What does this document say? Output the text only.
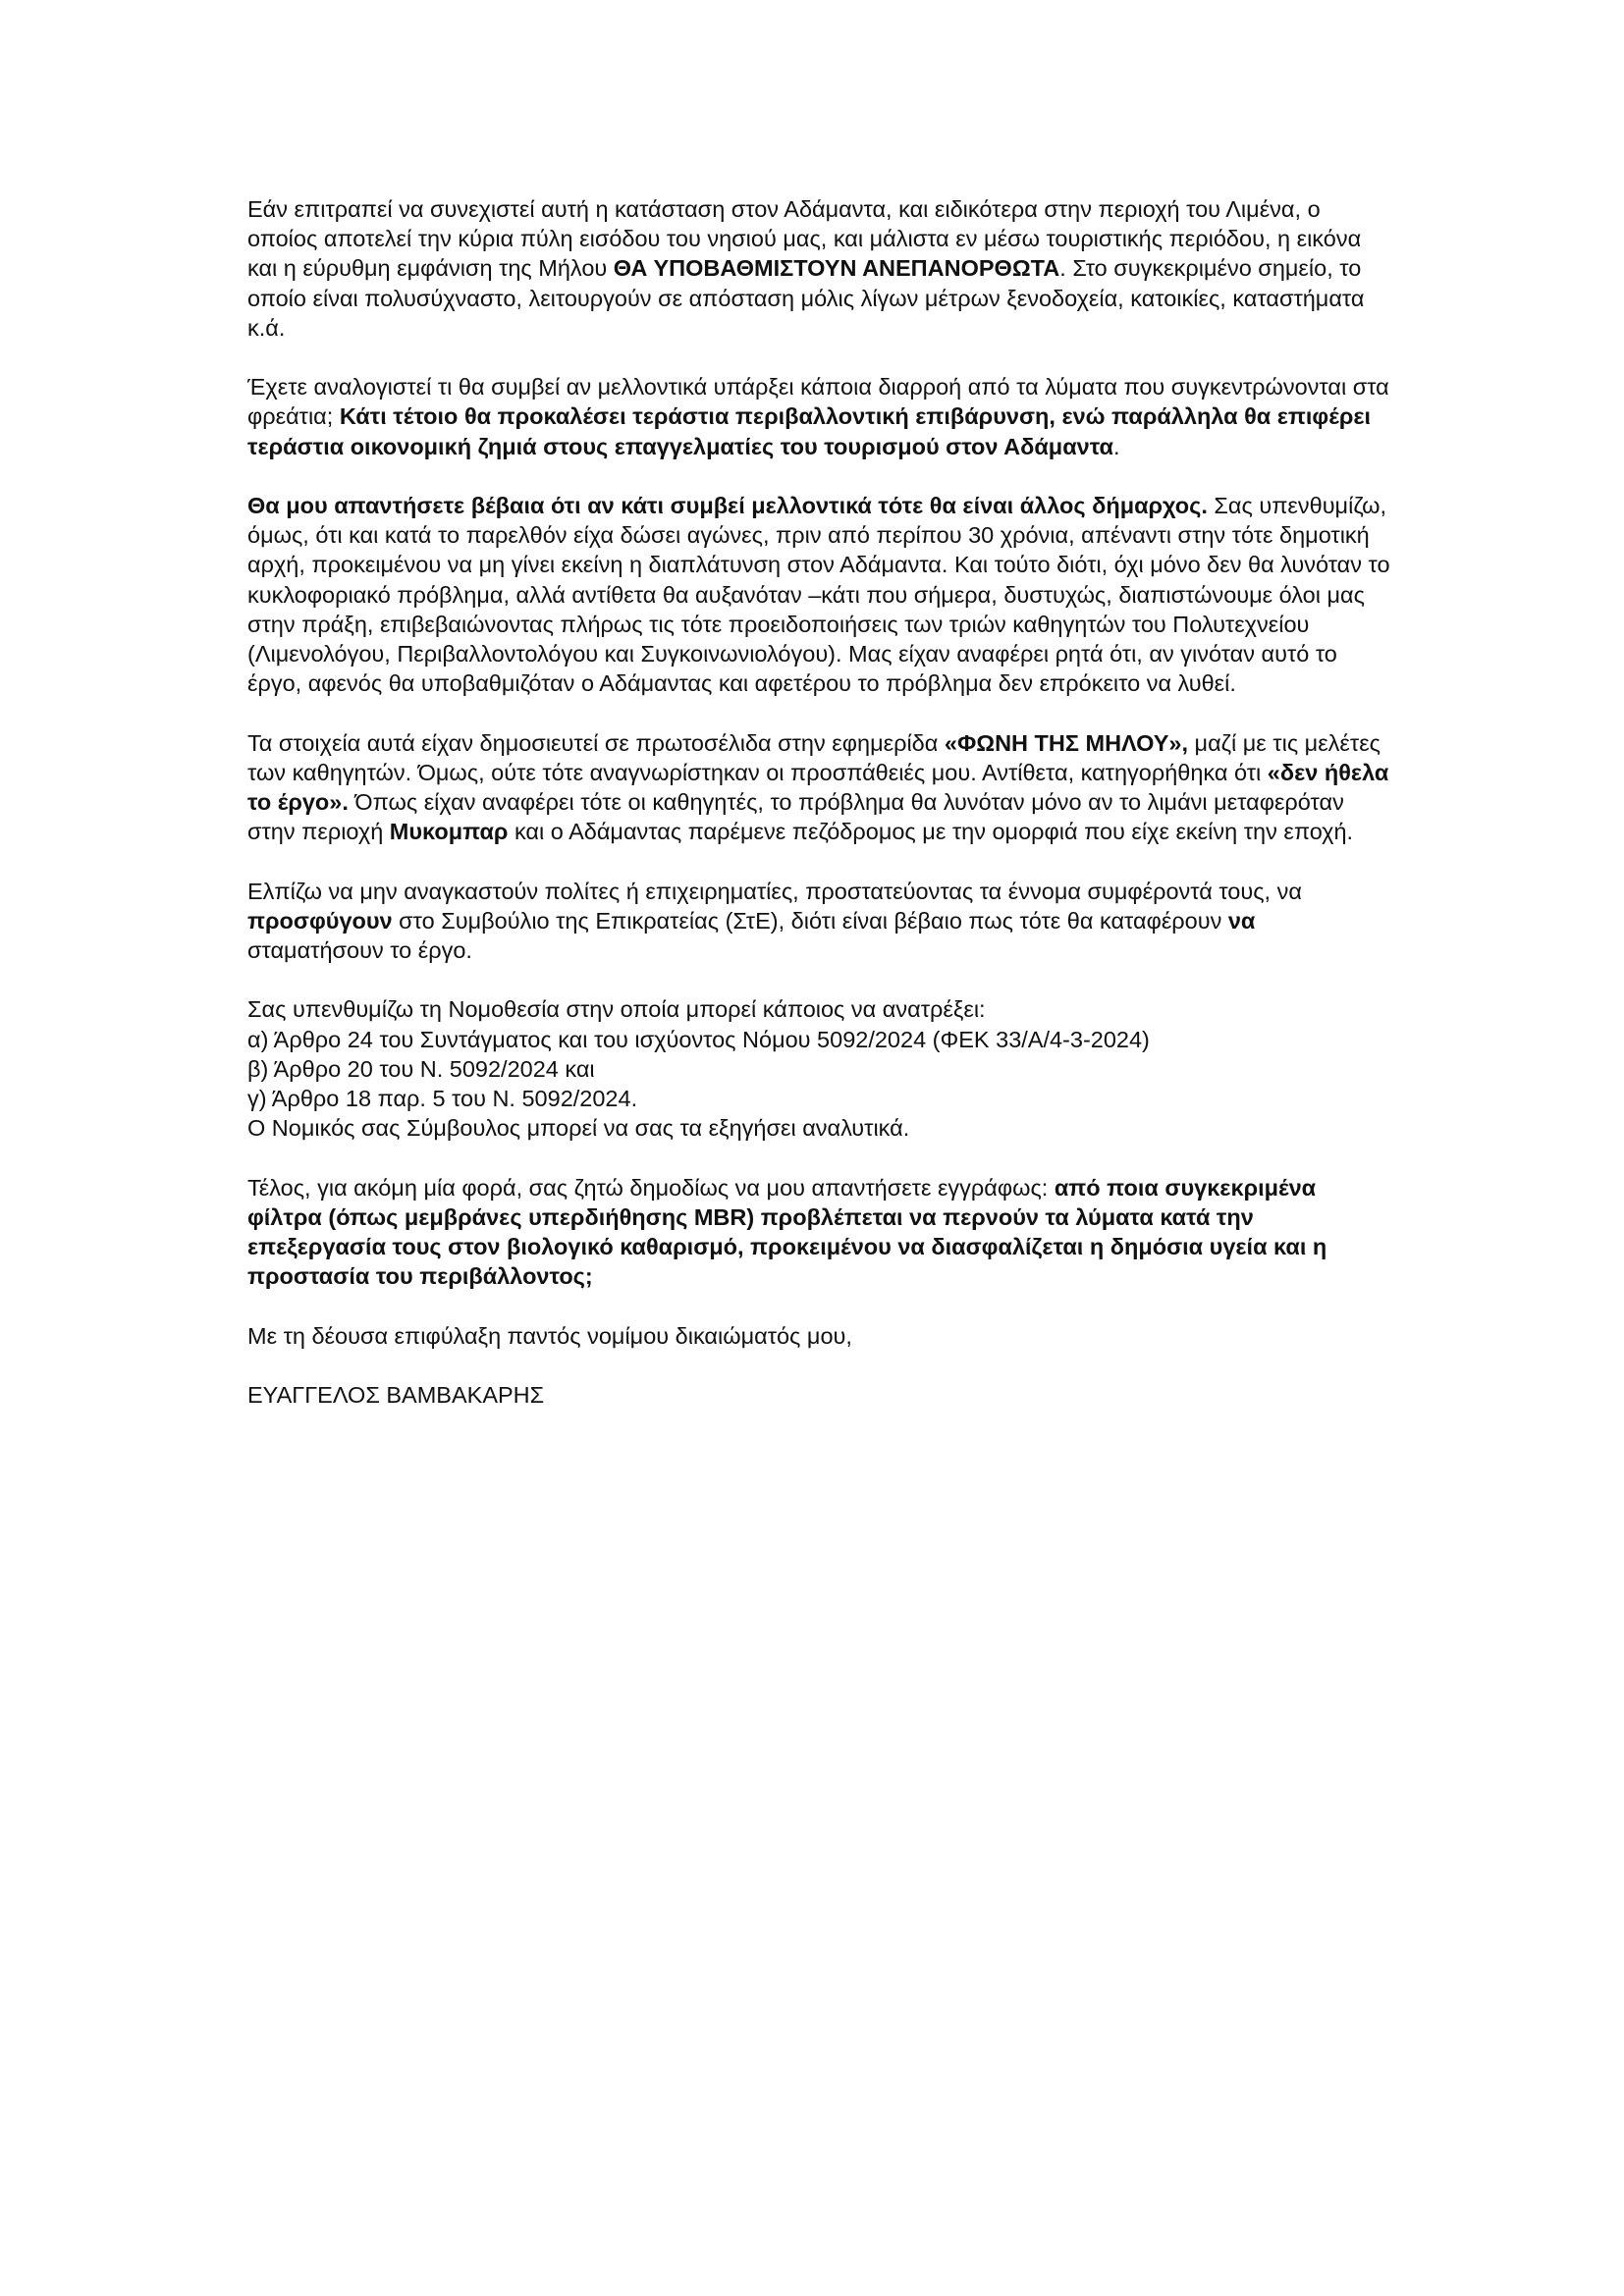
Εάν επιτραπεί να συνεχιστεί αυτή η κατάσταση στον Αδάμαντα, και ειδικότερα στην περιοχή του Λιμένα, ο οποίος αποτελεί την κύρια πύλη εισόδου του νησιού μας, και μάλιστα εν μέσω τουριστικής περιόδου, η εικόνα και η εύρυθμη εμφάνιση της Μήλου ΘΑ ΥΠΟΒΑΘΜΙΣΤΟΥΝ ΑΝΕΠΑΝΟΡΘΩΤΑ. Στο συγκεκριμένο σημείο, το οποίο είναι πολυσύχναστο, λειτουργούν σε απόσταση μόλις λίγων μέτρων ξενοδοχεία, κατοικίες, καταστήματα κ.ά.

Έχετε αναλογιστεί τι θα συμβεί αν μελλοντικά υπάρξει κάποια διαρροή από τα λύματα που συγκεντρώνονται στα φρεάτια; Κάτι τέτοιο θα προκαλέσει τεράστια περιβαλλοντική επιβάρυνση, ενώ παράλληλα θα επιφέρει τεράστια οικονομική ζημιά στους επαγγελματίες του τουρισμού στον Αδάμαντα.

Θα μου απαντήσετε βέβαια ότι αν κάτι συμβεί μελλοντικά τότε θα είναι άλλος δήμαρχος. Σας υπενθυμίζω, όμως, ότι και κατά το παρελθόν είχα δώσει αγώνες, πριν από περίπου 30 χρόνια, απέναντι στην τότε δημοτική αρχή, προκειμένου να μη γίνει εκείνη η διαπλάτυνση στον Αδάμαντα. Και τούτο διότι, όχι μόνο δεν θα λυνόταν το κυκλοφοριακό πρόβλημα, αλλά αντίθετα θα αυξανόταν –κάτι που σήμερα, δυστυχώς, διαπιστώνουμε όλοι μας στην πράξη, επιβεβαιώνοντας πλήρως τις τότε προειδοποιήσεις των τριών καθηγητών του Πολυτεχνείου (Λιμενολόγου, Περιβαλλοντολόγου και Συγκοινωνιολόγου). Μας είχαν αναφέρει ρητά ότι, αν γινόταν αυτό το έργο, αφενός θα υποβαθμιζόταν ο Αδάμαντας και αφετέρου το πρόβλημα δεν επρόκειτο να λυθεί.

Τα στοιχεία αυτά είχαν δημοσιευτεί σε πρωτοσέλιδα στην εφημερίδα «ΦΩΝΗ ΤΗΣ ΜΗΛΟΥ», μαζί με τις μελέτες των καθηγητών. Όμως, ούτε τότε αναγνωρίστηκαν οι προσπάθειές μου. Αντίθετα, κατηγορήθηκα ότι «δεν ήθελα το έργο». Όπως είχαν αναφέρει τότε οι καθηγητές, το πρόβλημα θα λυνόταν μόνο αν το λιμάνι μεταφερόταν στην περιοχή Μυκομπαρ και ο Αδάμαντας παρέμενε πεζόδρομος με την ομορφιά που είχε εκείνη την εποχή.

Ελπίζω να μην αναγκαστούν πολίτες ή επιχειρηματίες, προστατεύοντας τα έννομα συμφέροντά τους, να προσφύγουν στο Συμβούλιο της Επικρατείας (ΣτΕ), διότι είναι βέβαιο πως τότε θα καταφέρουν να σταματήσουν το έργο.

Σας υπενθυμίζω τη Νομοθεσία στην οποία μπορεί κάποιος να ανατρέξει:
α) Άρθρο 24 του Συντάγματος και του ισχύοντος Νόμου 5092/2024 (ΦΕΚ 33/Α/4-3-2024)
β) Άρθρο 20 του Ν. 5092/2024 και
γ) Άρθρο 18 παρ. 5 του Ν. 5092/2024.
Ο Νομικός σας Σύμβουλος μπορεί να σας τα εξηγήσει αναλυτικά.

Τέλος, για ακόμη μία φορά, σας ζητώ δημοδίως να μου απαντήσετε εγγράφως: από ποια συγκεκριμένα φίλτρα (όπως μεμβράνες υπερδιήθησης MBR) προβλέπεται να περνούν τα λύματα κατά την επεξεργασία τους στον βιολογικό καθαρισμό, προκειμένου να διασφαλίζεται η δημόσια υγεία και η προστασία του περιβάλλοντος;

Με τη δέουσα επιφύλαξη παντός νομίμου δικαιώματός μου,

ΕΥΑΓΓΕΛΟΣ ΒΑΜΒΑΚΑΡΗΣ
